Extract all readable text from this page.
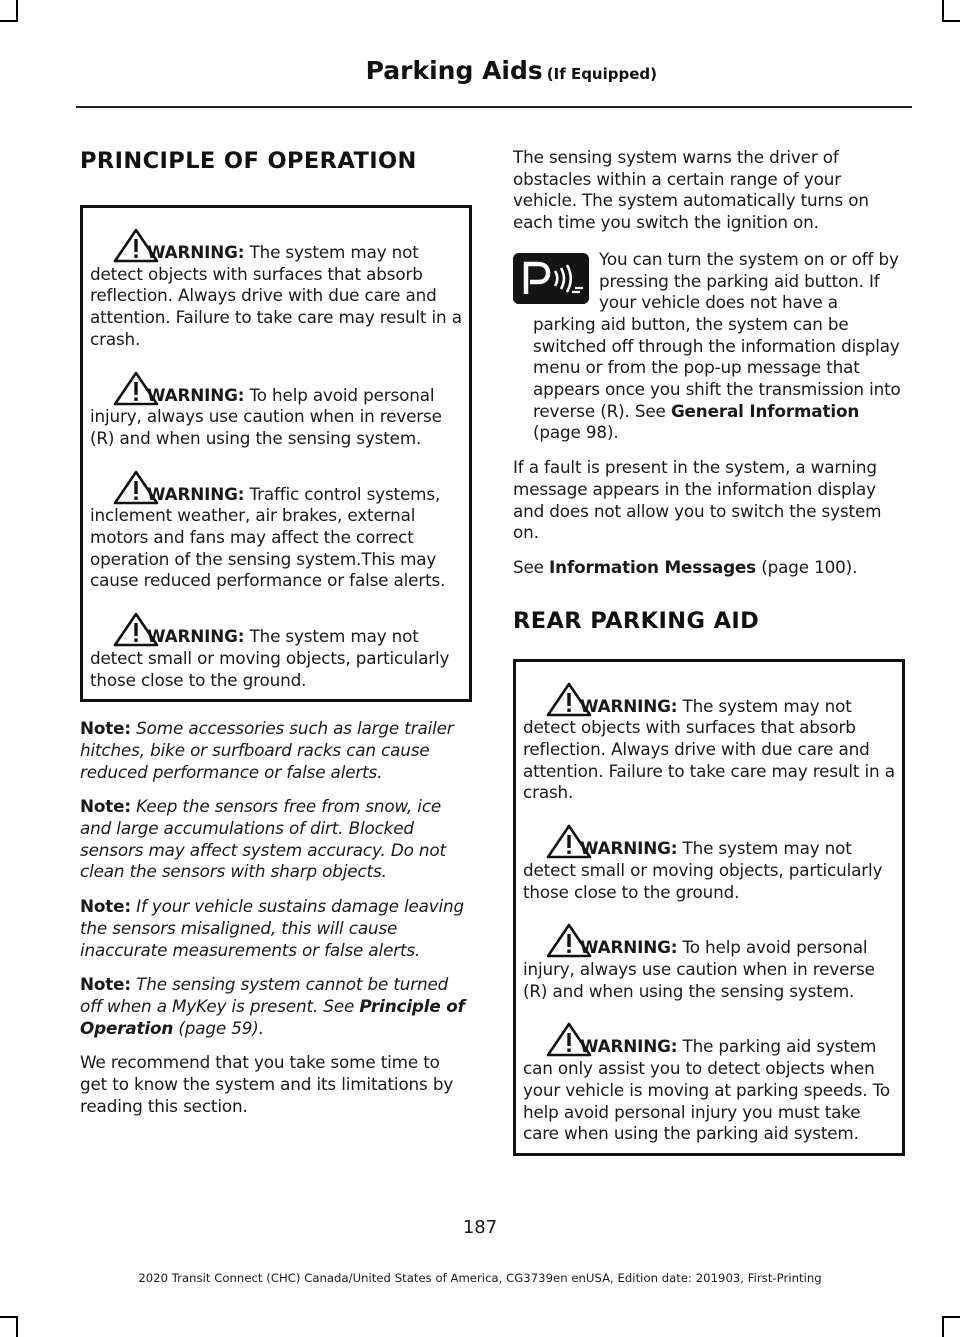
Parking Aids (If Equipped)
PRINCIPLE OF OPERATION

WARNING: The system may not detect objects with surfaces that absorb reflection. Always drive with due care and attention. Failure to take care may result in a crash.

WARNING: To help avoid personal injury, always use caution when in reverse (R) and when using the sensing system.

WARNING: Traffic control systems, inclement weather, air brakes, external motors and fans may affect the correct operation of the sensing system.This may cause reduced performance or false alerts.

WARNING: The system may not detect small or moving objects, particularly those close to the ground.

Note: Some accessories such as large trailer hitches, bike or surfboard racks can cause reduced performance or false alerts.

Note: Keep the sensors free from snow, ice and large accumulations of dirt. Blocked sensors may affect system accuracy. Do not clean the sensors with sharp objects.

Note: If your vehicle sustains damage leaving the sensors misaligned, this will cause inaccurate measurements or false alerts.

Note: The sensing system cannot be turned off when a MyKey is present. See Principle of Operation (page 59).

We recommend that you take some time to get to know the system and its limitations by reading this section.

The sensing system warns the driver of obstacles within a certain range of your vehicle. The system automatically turns on each time you switch the ignition on.

You can turn the system on or off by pressing the parking aid button. If your vehicle does not have a parking aid button, the system can be switched off through the information display menu or from the pop-up message that appears once you shift the transmission into reverse (R). See General Information (page 98).

If a fault is present in the system, a warning message appears in the information display and does not allow you to switch the system on.

See Information Messages (page 100).

REAR PARKING AID

WARNING: The system may not detect objects with surfaces that absorb reflection. Always drive with due care and attention. Failure to take care may result in a crash.

WARNING: The system may not detect small or moving objects, particularly those close to the ground.

WARNING: To help avoid personal injury, always use caution when in reverse (R) and when using the sensing system.

WARNING: The parking aid system can only assist you to detect objects when your vehicle is moving at parking speeds. To help avoid personal injury you must take care when using the parking aid system.

187
2020 Transit Connect (CHC) Canada/United States of America, CG3739en enUSA, Edition date: 201903, First-Printing
